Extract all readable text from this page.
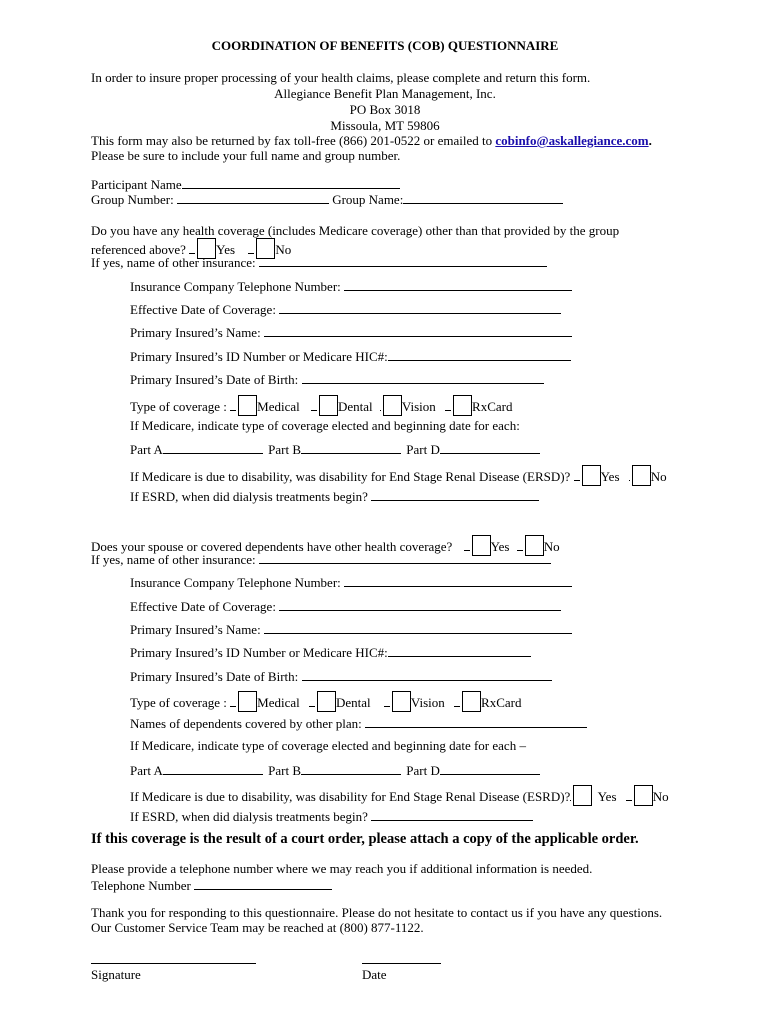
COORDINATION OF BENEFITS (COB) QUESTIONNAIRE
In order to insure proper processing of your health claims, please complete and return this form.
Allegiance Benefit Plan Management, Inc.
PO Box 3018
Missoula, MT 59806
This form may also be returned by fax toll-free (866) 201-0522 or emailed to cobinfo@askallegiance.com.
Please be sure to include your full name and group number.
Participant Name
Group Number:	Group Name:
Do you have any health coverage (includes Medicare coverage) other than that provided by the group
referenced above? Yes	No
If yes, name of other insurance:
Insurance Company Telephone Number:
Effective Date of Coverage:
Primary Insured’s Name:
Primary Insured’s ID Number or Medicare HIC#:
Primary Insured’s Date of Birth:
Type of coverage : Medical	Dental Vision	RxCard
If Medicare, indicate type of coverage elected and beginning date for each:
Part A	Part B	Part D
If Medicare is due to disability, was disability for End Stage Renal Disease (ERSD)? Yes No
If ESRD, when did dialysis treatments begin?
Does your spouse or covered dependents have other health coverage?	Yes	No
If yes, name of other insurance:
Insurance Company Telephone Number:
Effective Date of Coverage:
Primary Insured’s Name:
Primary Insured’s ID Number or Medicare HIC#:
Primary Insured’s Date of Birth:
Type of coverage : Medical	Dental	Vision	RxCard
Names of dependents covered by other plan:
If Medicare, indicate type of coverage elected and beginning date for each –
Part A	Part B	Part D
If Medicare is due to disability, was disability for End Stage Renal Disease (ESRD)? Yes	No
If ESRD, when did dialysis treatments begin?
If this coverage is the result of a court order, please attach a copy of the applicable order.
Please provide a telephone number where we may reach you if additional information is needed.
Telephone Number
Thank you for responding to this questionnaire. Please do not hesitate to contact us if you have any questions.
Our Customer Service Team may be reached at (800) 877-1122.
Signature	Date
